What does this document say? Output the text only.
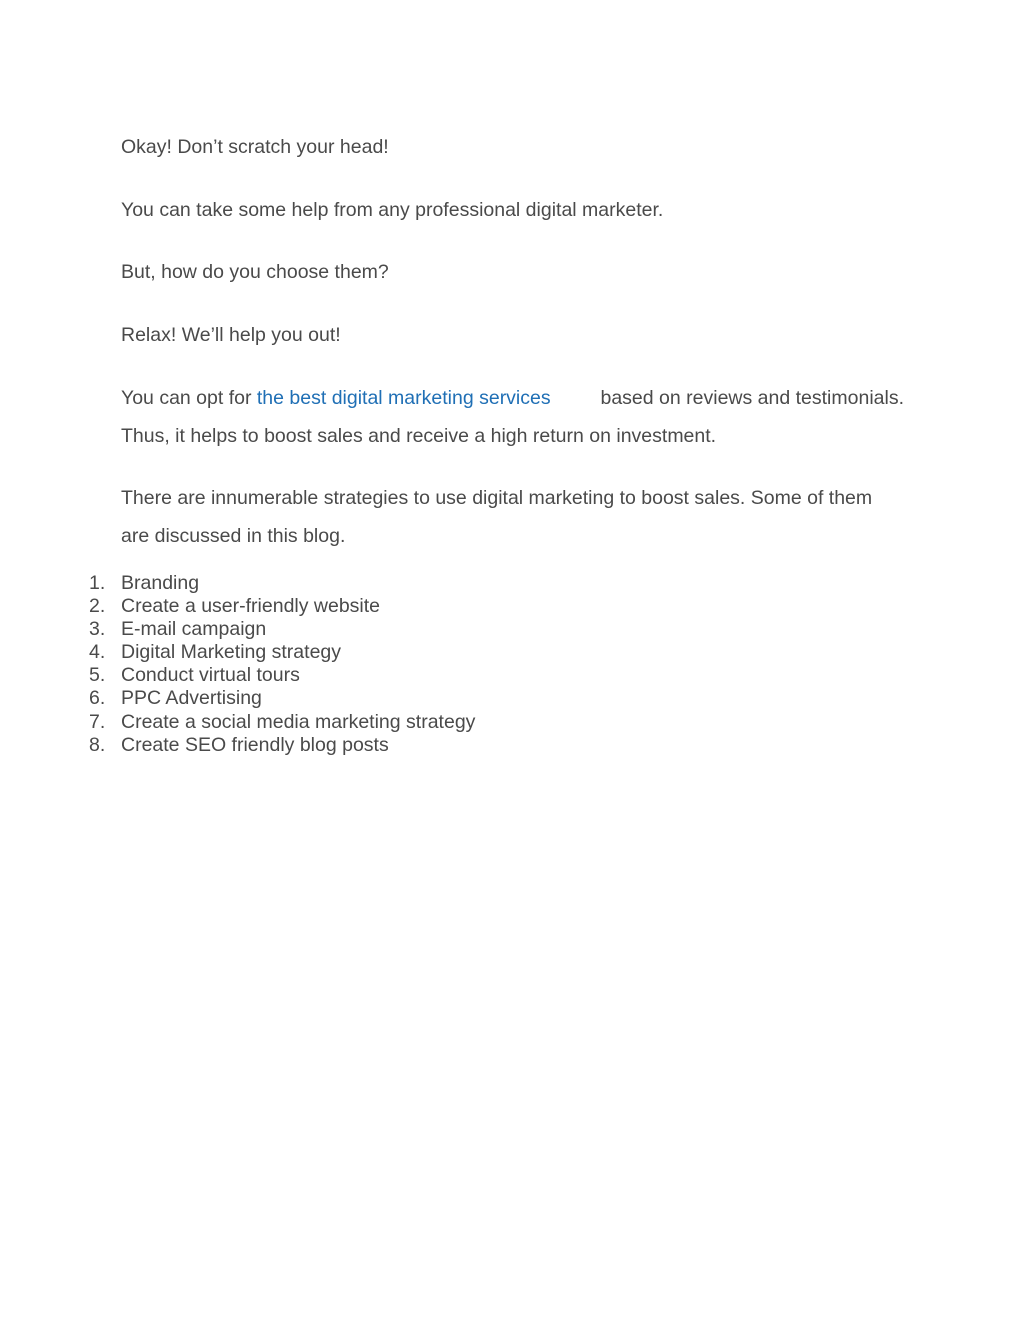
Okay! Don’t scratch your head!

You can take some help from any professional digital marketer.

But, how do you choose them?

Relax! We’ll help you out!

You can opt for the best digital marketing services based on reviews and testimonials.
Thus, it helps to boost sales and receive a high return on investment.
There are innumerable strategies to use digital marketing to boost sales. Some of them
are discussed in this blog.
1. Branding
2. Create a user-friendly website
3. E-mail campaign
4. Digital Marketing strategy
5. Conduct virtual tours
6. PPC Advertising
7. Create a social media marketing strategy
8. Create SEO friendly blog posts
